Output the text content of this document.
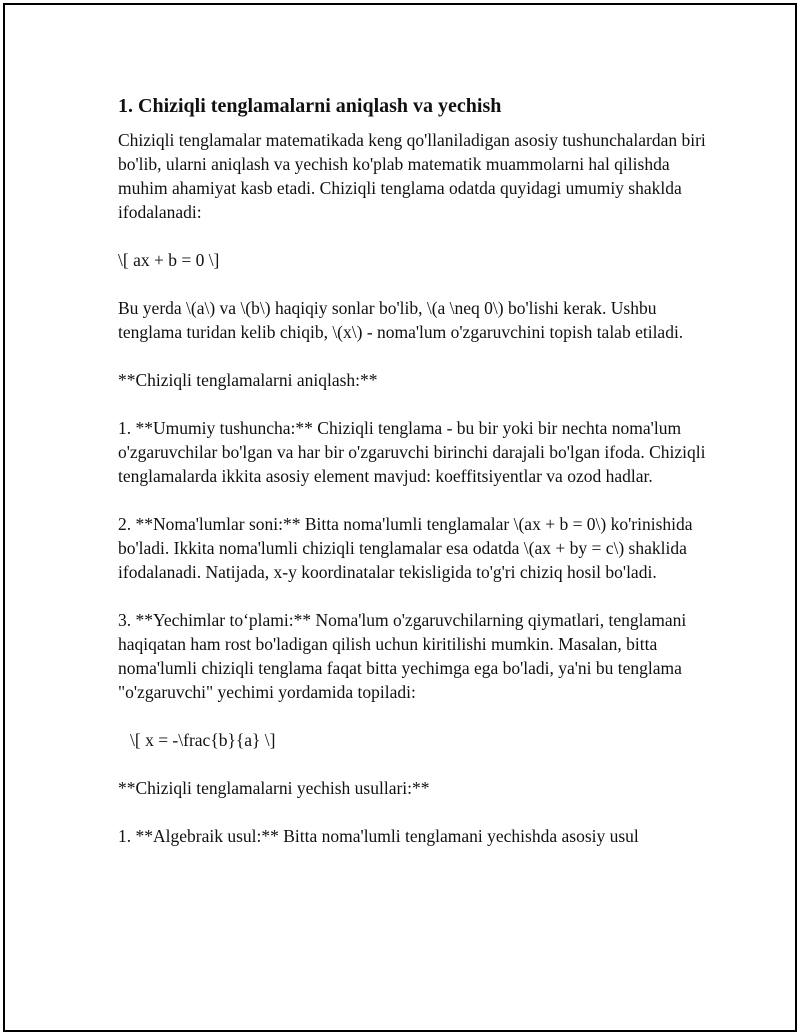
1. Chiziqli tenglamalarni aniqlash va yechish

Chiziqli tenglamalar matematikada keng qo'llaniladigan asosiy tushunchalardan biri bo'lib, ularni aniqlash va yechish ko'plab matematik muammolarni hal qilishda muhim ahamiyat kasb etadi. Chiziqli tenglama odatda quyidagi umumiy shaklda ifodalanadi:

\[ ax + b = 0 \]

Bu yerda \(a\) va \(b\) haqiqiy sonlar bo'lib, \(a \neq 0\) bo'lishi kerak. Ushbu tenglama turidan kelib chiqib, \(x\) - noma'lum o'zgaruvchini topish talab etiladi.

**Chiziqli tenglamalarni aniqlash:**

1. **Umumiy tushuncha:** Chiziqli tenglama - bu bir yoki bir nechta noma'lum o'zgaruvchilar bo'lgan va har bir o'zgaruvchi birinchi darajali bo'lgan ifoda. Chiziqli tenglamalarda ikkita asosiy element mavjud: koeffitsiyentlar va ozod hadlar.

2. **Noma'lumlar soni:** Bitta noma'lumli tenglamalar \(ax + b = 0\) ko'rinishida bo'ladi. Ikkita noma'lumli chiziqli tenglamalar esa odatda \(ax + by = c\) shaklida ifodalanadi. Natijada, x-y koordinatalar tekisligida to'g'ri chiziq hosil bo'ladi.

3. **Yechimlar to‘plami:** Noma'lum o'zgaruvchilarning qiymatlari, tenglamani haqiqatan ham rost bo'ladigan qilish uchun kiritilishi mumkin. Masalan, bitta noma'lumli chiziqli tenglama faqat bitta yechimga ega bo'ladi, ya'ni bu tenglama "o'zgaruvchi" yechimi yordamida topiladi:

\[ x = -\frac{b}{a} \]

**Chiziqli tenglamalarni yechish usullari:**

1. **Algebraik usul:** Bitta noma'lumli tenglamani yechishda asosiy usul
